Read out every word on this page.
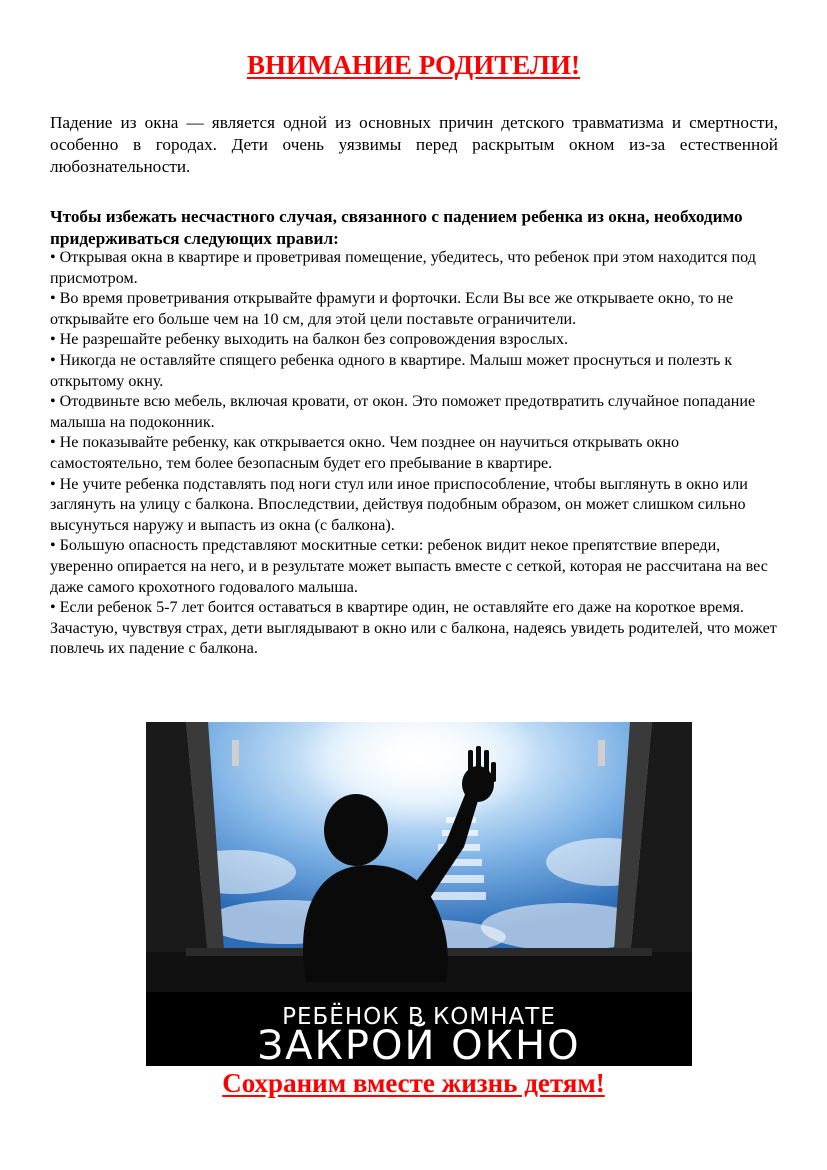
ВНИМАНИЕ РОДИТЕЛИ!

Падение из окна — является одной из основных причин детского травматизма и смертности, особенно в городах. Дети очень уязвимы перед раскрытым окном из-за естественной любознательности.

Чтобы избежать несчастного случая, связанного с падением ребенка из окна, необходимо придерживаться следующих правил:

• Открывая окна в квартире и проветривая помещение, убедитесь, что ребенок при этом находится под присмотром.
• Во время проветривания открывайте фрамуги и форточки. Если Вы все же открываете окно, то не открывайте его больше чем на 10 см, для этой цели поставьте ограничители.
• Не разрешайте ребенку выходить на балкон без сопровождения взрослых.
• Никогда не оставляйте спящего ребенка одного в квартире. Малыш может проснуться и полезть к открытому окну.
• Отодвиньте всю мебель, включая кровати, от окон. Это поможет предотвратить случайное попадание малыша на подоконник.
• Не показывайте ребенку, как открывается окно. Чем позднее он научиться открывать окно самостоятельно, тем более безопасным будет его пребывание в квартире.
• Не учите ребенка подставлять под ноги стул или иное приспособление, чтобы выглянуть в окно или заглянуть на улицу с балкона. Впоследствии, действуя подобным образом, он может слишком сильно высунуться наружу и выпасть из окна (с балкона).
• Большую опасность представляют москитные сетки: ребенок видит некое препятствие впереди, уверенно опирается на него, и в результате может выпасть вместе с сеткой, которая не рассчитана на вес даже самого крохотного годовалого малыша.
• Если ребенок 5-7 лет боится оставаться в квартире один, не оставляйте его даже на короткое время. Зачастую, чувствуя страх, дети выглядывают в окно или с балкона, надеясь увидеть родителей, что может повлечь их падение с балкона.
РЕБЁНОК В КОМНАТЕ
ЗАКРОЙ ОКНО

Сохраним вместе жизнь детям!
